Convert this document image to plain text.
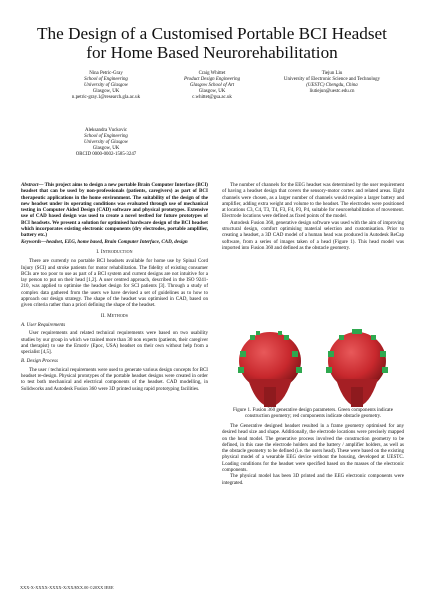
The Design of a Customised Portable BCI Headset for Home Based Neurorehabilitation
Nina Petric-Gray
School of Engineering
University of Glasgow
Glasgow, UK
n.petric-gray.1@research.gla.ac.uk
Craig Whittet
Product Design Engineering
Glasgow School of Art
Glasgow, UK
c.whittet@gsa.ac.uk
Tiejun Liu
University of Electronic Science and Technology
(UESTC) Chengdu, China
liutiejun@uestc.edu.cn
Aleksandra Vuckovic
School of Engineering
University of Glasgow
Glasgow, UK
ORCID 0000-0002-1585-3247

Abstract— This project aims to design a new portable Brain Computer Interface (BCI) headset that can be used by non-professionals (patients, caregivers) as part of BCI therapeutic applications in the home environment. The suitability of the design of the new headset under its operating conditions was evaluated through use of mechanical testing in Computer Aided Design (CAD) software and physical prototypes. Extensive use of CAD based design was used to create a novel testbed for future prototypes of BCI headsets. We present a solution for optimised hardware design of the BCI headset which incorporates existing electronic components (dry electrodes, portable amplifier, battery etc.)

Keywords—headset, EEG, home based, Brain Computer Interface, CAD, design

I. Introduction

There are currently no portable BCI headsets available for home use by Spinal Cord Injury (SCI) and stroke patients for motor rehabilitation. The fidelity of existing consumer BCIs are too poor to use as part of a BCI system and current designs are not intuitive for a lay person to put on their head [1,2]. A user centred approach, described in the ISO 9241-210, was applied to optimise the headset design for SCI patients [3]. Through a study of complex data gathered from the users we have devised a set of guidelines as to how to approach our design strategy. The shape of the headset was optimised in CAD, based on given criteria rather than a priori defining the shape of the headset.

II. Methods
A. User Requirements

User requirements and related technical requirements were based on two usability studies by our group in which we trained more than 30 non experts (patients, their caregiver and therapist) to use the Emotiv (Epoc, USA) headset on their own without help from a specialist [4,5].

B. Design Process

The user / technical requirements were used to generate various design concepts for BCI headset re-design. Physical prototypes of the portable headset designs were created in order to test both mechanical and electrical components of the headset. CAD modelling, in Solidworks and Autodesk Fusion 360 were 3D printed using rapid prototyping facilities.

The number of channels for the EEG headset was determined by the user requirement of having a headset design that covers the sensory-motor cortex and related areas. Eight channels were chosen, as a larger number of channels would require a larger battery and amplifier, adding extra weight and volume to the headset. The electrodes were positioned at locations C3, C4, T3, T4, F3, F4, P3, P4, suitable for neurorehabilitation of movement. Electrode locations were defined as fixed points of the model.

Autodesk Fusion 360, generative design software was used with the aim of improving structural design, comfort optimising material selection and customisation. Prior to creating a headset, a 3D CAD model of a human head was produced in Autodesk ReCap software, from a series of images taken of a head (Figure 1). This head model was imported into Fusion 360 and defined as the obstacle geometry.

Figure 1. Fusion 360 generative design parameters. Green components indicate construction geometry; red components indicate obstacle geometry.

The Generative designed headset resulted in a frame geometry optimised for any desired head size and shape. Additionally, the electrode locations were precisely mapped on the head model. The generative process involved the construction geometry to be defined, in this case the electrode holders and the battery / amplifier holders, as well as the obstacle geometry to be defined (i.e. the users head). These were based on the existing physical model of a wearable EEG device without the housing, developed at UESTC. Loading conditions for the headset were specified based on the masses of the electronic components.

The physical model has been 3D printed and the EEG electronic components were integrated.

XXX-X-XXXX-XXXX-X/XX/$XX.00 ©20XX IEEE
